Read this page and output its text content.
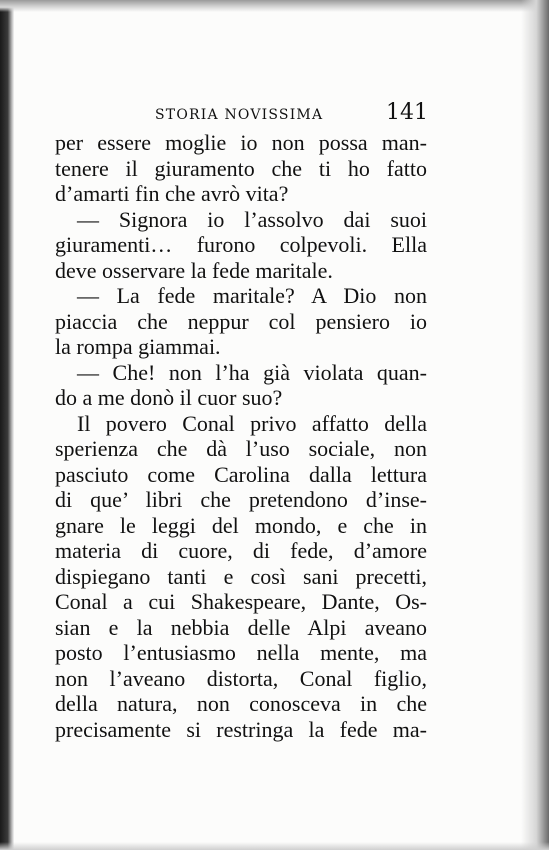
STORIA NOVISSIMA	141
per essere moglie io non possa man-
tenere il giuramento che ti ho fatto
d’amarti fin che avrò vita?
— Signora io l’assolvo dai suoi
giuramenti… furono colpevoli. Ella
deve osservare la fede maritale.
— La fede maritale? A Dio non
piaccia che neppur col pensiero io
la rompa giammai.
— Che! non l’ha già violata quan-
do a me donò il cuor suo?
Il povero Conal privo affatto della
sperienza che dà l’uso sociale, non
pasciuto come Carolina dalla lettura
di que’ libri che pretendono d’inse-
gnare le leggi del mondo, e che in
materia di cuore, di fede, d’amore
dispiegano tanti e così sani precetti,
Conal a cui Shakespeare, Dante, Os-
sian e la nebbia delle Alpi aveano
posto l’entusiasmo nella mente, ma
non l’aveano distorta, Conal figlio,
della natura, non conosceva in che
precisamente si restringa la fede ma-
